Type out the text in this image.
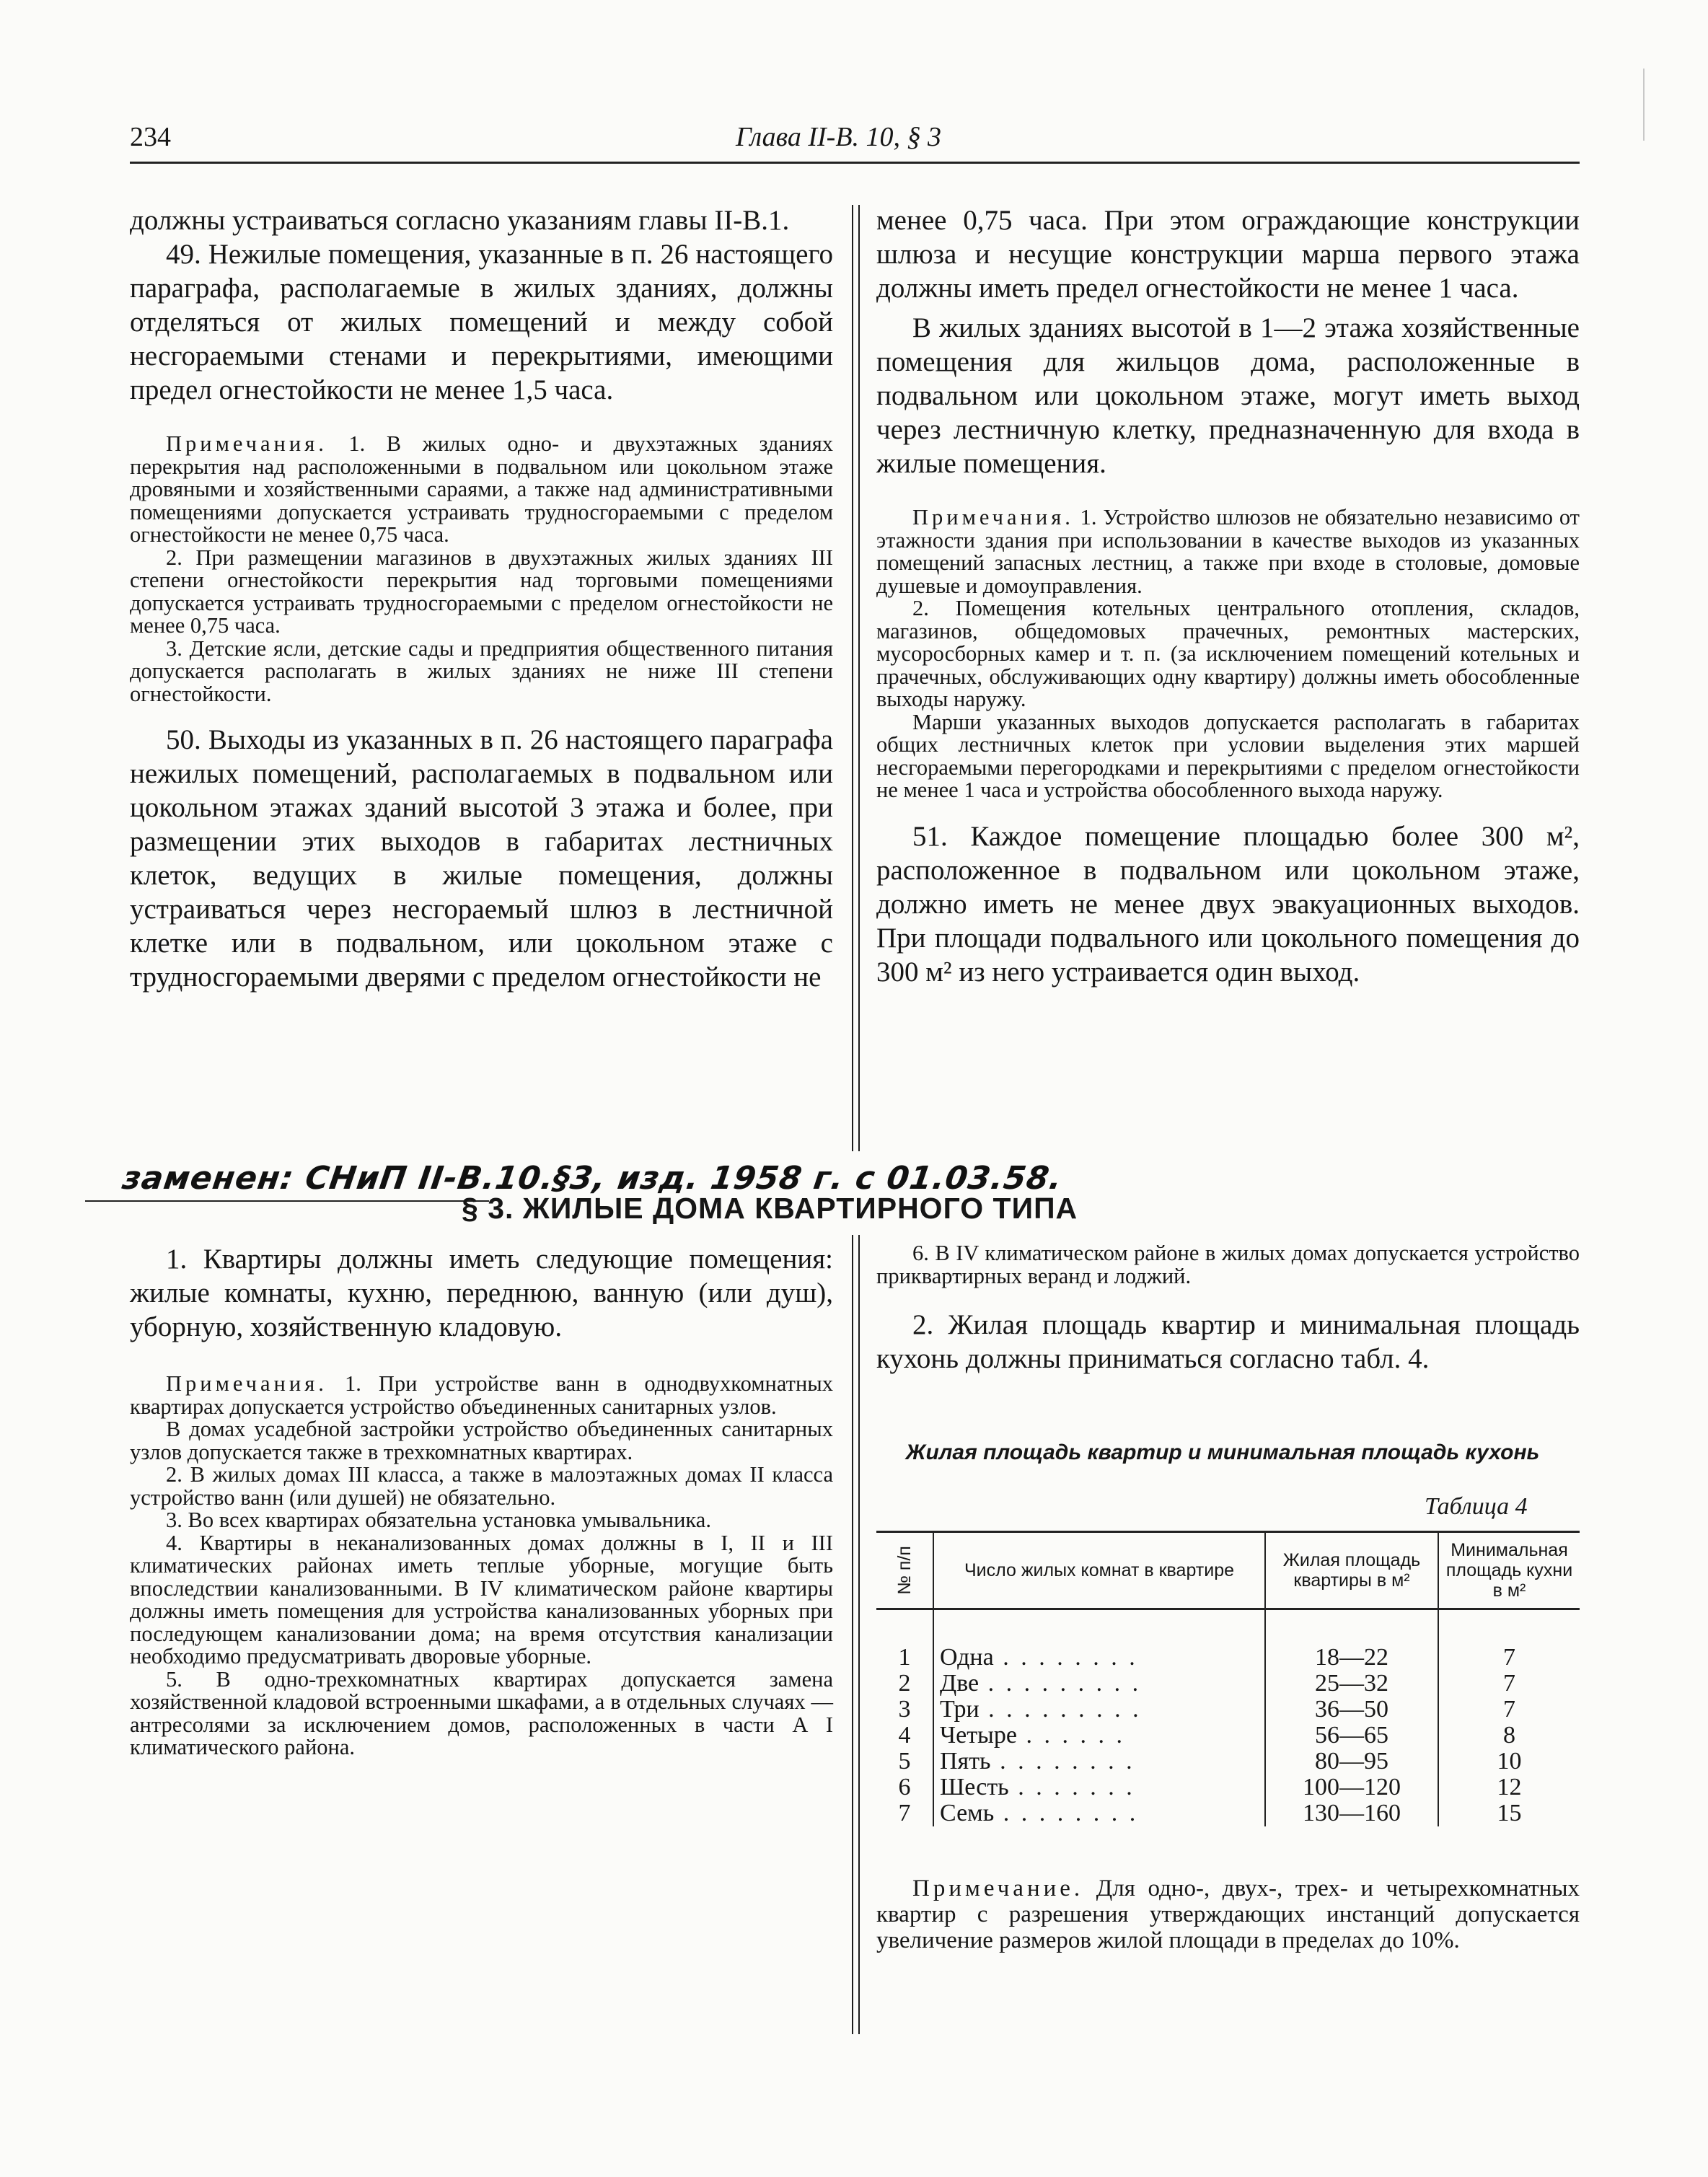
234	Глава II-В. 10, § 3

должны устраиваться согласно указаниям главы II-В.1.

49. Нежилые помещения, указанные в п. 26 настоящего параграфа, располагаемые в жилых зданиях, должны отделяться от жилых помещений и между собой несгораемыми стенами и перекрытиями, имеющими предел огнестойкости не менее 1,5 часа.

Примечания. 1. В жилых одно- и двухэтажных зданиях перекрытия над расположенными в подвальном или цокольном этаже дровяными и хозяйственными сараями, а также над административными помещениями допускается устраивать трудносгораемыми с пределом огнестойкости не менее 0,75 часа.

2. При размещении магазинов в двухэтажных жилых зданиях III степени огнестойкости перекрытия над торговыми помещениями допускается устраивать трудносгораемыми с пределом огнестойкости не менее 0,75 часа.

3. Детские ясли, детские сады и предприятия общественного питания допускается располагать в жилых зданиях не ниже III степени огнестойкости.

50. Выходы из указанных в п. 26 настоящего параграфа нежилых помещений, располагаемых в подвальном или цокольном этажах зданий высотой 3 этажа и более, при размещении этих выходов в габаритах лестничных клеток, ведущих в жилые помещения, должны устраиваться через несгораемый шлюз в лестничной клетке или в подвальном, или цокольном этаже с трудносгораемыми дверями с пределом огнестойкости не

менее 0,75 часа. При этом ограждающие конструкции шлюза и несущие конструкции марша первого этажа должны иметь предел огнестойкости не менее 1 часа.

В жилых зданиях высотой в 1—2 этажа хозяйственные помещения для жильцов дома, расположенные в подвальном или цокольном этаже, могут иметь выход через лестничную клетку, предназначенную для входа в жилые помещения.

Примечания. 1. Устройство шлюзов не обязательно независимо от этажности здания при использовании в качестве выходов из указанных помещений запасных лестниц, а также при входе в столовые, домовые душевые и домоуправления.

2. Помещения котельных центрального отопления, складов, магазинов, общедомовых прачечных, ремонтных мастерских, мусоросборных камер и т. п. (за исключением помещений котельных и прачечных, обслуживающих одну квартиру) должны иметь обособленные выходы наружу.

Марши указанных выходов допускается располагать в габаритах общих лестничных клеток при условии выделения этих маршей несгораемыми перегородками и перекрытиями с пределом огнестойкости не менее 1 часа и устройства обособленного выхода наружу.

51. Каждое помещение площадью более 300 м², расположенное в подвальном или цокольном этаже, должно иметь не менее двух эвакуационных выходов. При площади подвального или цокольного помещения до 300 м² из него устраивается один выход.

заменен: СНиП II-В.10.§3, изд. 1958 г. с 01.03.58.
§ 3. ЖИЛЫЕ ДОМА КВАРТИРНОГО ТИПА

1. Квартиры должны иметь следующие помещения: жилые комнаты, кухню, переднюю, ванную (или душ), уборную, хозяйственную кладовую.

Примечания. 1. При устройстве ванн в однодвухкомнатных квартирах допускается устройство объединенных санитарных узлов.

В домах усадебной застройки устройство объединенных санитарных узлов допускается также в трехкомнатных квартирах.

2. В жилых домах III класса, а также в малоэтажных домах II класса устройство ванн (или душей) не обязательно.

3. Во всех квартирах обязательна установка умывальника.

4. Квартиры в неканализованных домах должны в I, II и III климатических районах иметь теплые уборные, могущие быть впоследствии канализованными. В IV климатическом районе квартиры должны иметь помещения для устройства канализованных уборных при последующем канализовании дома; на время отсутствия канализации необходимо предусматривать дворовые уборные.

5. В одно-трехкомнатных квартирах допускается замена хозяйственной кладовой встроенными шкафами, а в отдельных случаях — антресолями за исключением домов, расположенных в части А I климатического района.

6. В IV климатическом районе в жилых домах допускается устройство приквартирных веранд и лоджий.

2. Жилая площадь квартир и минимальная площадь кухонь должны приниматься согласно табл. 4.

Жилая площадь квартир и минимальная площадь кухонь
Таблица 4
№ п/п	Число жилых комнат в квартире	Жилая площадь квартиры в м²	Минимальная площадь кухни в м²
1	Одна . . . . . . . .	18—22	7
2	Две . . . . . . . . .	25—32	7
3	Три . . . . . . . . .	36—50	7
4	Четыре . . . . . .	56—65	8
5	Пять . . . . . . . .	80—95	10
6	Шесть . . . . . . .	100—120	12
7	Семь . . . . . . . .	130—160	15

Примечание. Для одно-, двух-, трех- и четырехкомнатных квартир с разрешения утверждающих инстанций допускается увеличение размеров жилой площади в пределах до 10%.
